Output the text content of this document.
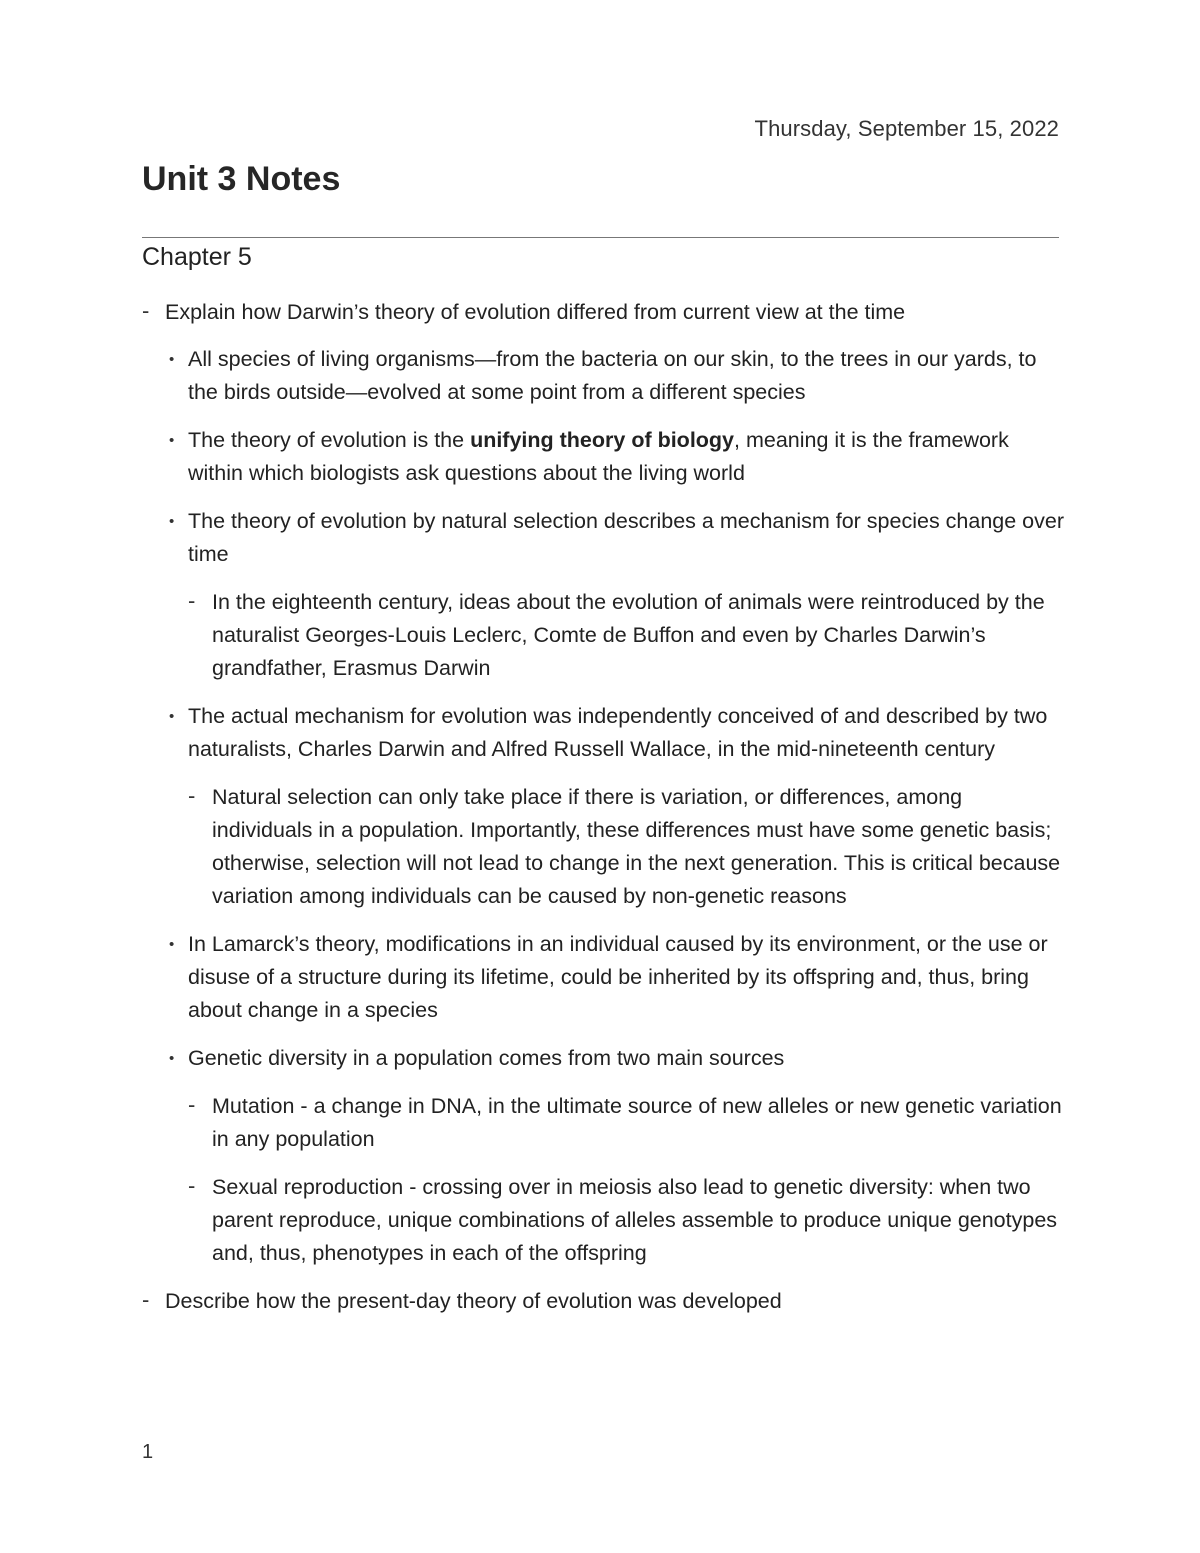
Thursday, September 15, 2022
Unit 3 Notes
Chapter 5
- Explain how Darwin’s theory of evolution differed from current view at the time
• All species of living organisms—from the bacteria on our skin, to the trees in our yards, to the birds outside—evolved at some point from a different species
• The theory of evolution is the unifying theory of biology, meaning it is the framework within which biologists ask questions about the living world
• The theory of evolution by natural selection describes a mechanism for species change over time
- In the eighteenth century, ideas about the evolution of animals were reintroduced by the naturalist Georges-Louis Leclerc, Comte de Buffon and even by Charles Darwin’s grandfather, Erasmus Darwin
• The actual mechanism for evolution was independently conceived of and described by two naturalists, Charles Darwin and Alfred Russell Wallace, in the mid-nineteenth century
- Natural selection can only take place if there is variation, or differences, among individuals in a population. Importantly, these differences must have some genetic basis; otherwise, selection will not lead to change in the next generation. This is critical because variation among individuals can be caused by non-genetic reasons
• In Lamarck’s theory, modifications in an individual caused by its environment, or the use or disuse of a structure during its lifetime, could be inherited by its offspring and, thus, bring about change in a species
• Genetic diversity in a population comes from two main sources
- Mutation - a change in DNA, in the ultimate source of new alleles or new genetic variation in any population
- Sexual reproduction - crossing over in meiosis also lead to genetic diversity: when two parent reproduce, unique combinations of alleles assemble to produce unique genotypes and, thus, phenotypes in each of the offspring
- Describe how the present-day theory of evolution was developed
1
